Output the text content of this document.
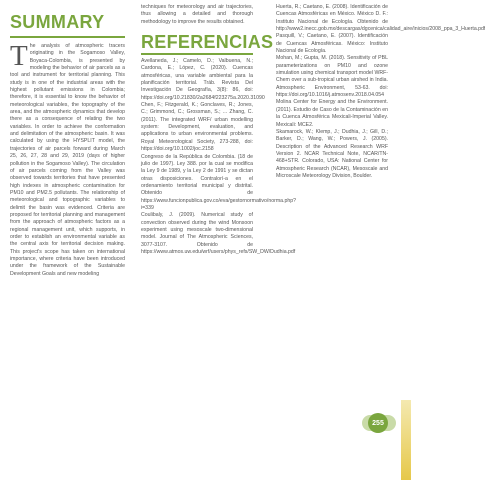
SUMMARY

The analysis of atmospheric tracers originating in the Sogamoso Valley, Boyaca-Colombia, is presented by modeling the behavior of air parcels as a tool and instrument for territorial planning. This study is in one of the industrial areas with the highest pollutant emissions in Colombia; therefore, it is essential to know the behavior of meteorological variables, the topography of the area, and the atmospheric dynamics that develop there as a consequence of relating the two variables. In order to achieve the conformation and delimitation of the atmospheric basin. It was calculated by using the HYSPLIT model, the trajectories of air parcels forward during March 25, 26, 27, 28 and 29, 2019 (days of higher pollution in the Sogamoso Valley). The circulation of air parcels coming from the Valley was observed towards territories that have presented high indexes in atmospheric contamination for PM10 and PM2.5 pollutants. The relationship of meteorological and topographic variables to delimit the basin was evidenced. Criteria are proposed for territorial planning and management from the approach of atmospheric factors as a regional management unit, which supports, in order to establish an environmental variable as the central axis for territorial decision making. This project's scope has taken on international importance, where criteria have been introduced under the framework of the Sustainable Development Goals and new modeling

techniques for meteorology and air trajectories, thus allowing a detailed and thorough methodology to improve the results obtained.

REFERENCIAS

Avellaneda, J.; Camelo, D.; Valbuena, N.; Cardona, E.; López, C. (2020). Cuencas atmosféricas, una variable ambiental para la planificación territorial. Tráb. Revista Del Investigación De Geografía, 3(8): 86, doi: https://doi.org/10.21830/2a2684f223275a.2020.31090

Chen, F.; Fitzgerald, K.; Gonclaves, R.; Jones, C.; Grimmond, C.; Grossman, S.; ... Zhang, C. (2011). The integrated WRF/ urban modelling system: Development, evaluation, and applications to urban environmental problems. Royal Meteorological Society, 273-288, doi: https://doi.org/10.1002/joc.2158

Congreso de la República de Colombia. (18 de julio de 1997). Ley 388. por la cual se modifica la Ley 9 de 1989, y la Ley 2 de 1991 y se dictan otras disposiciones. Contralorí-a en el ordenamiento territorial municipal y distrital. Obtenido de https://www.funcionpublica.gov.co/eva/gestornormativo/norma.php?i=339

Coulibaly, J. (2009). Numerical study of convection observed during the wind Monsoon experiment using mesoscale two-dimensional model. Journal of The Atmospheric Sciences, 3077-3107. Obtenido de https://www.atmos.uw.edu/wrf/users/phys_refs/SW_DW/Dudhia.pdf

Huerta, R.; Caetano, E. (2008). Identificación de Cuencas Atmosféricas en México. México D. F.: Instituto Nacional de Ecología. Obtenido de http://www2.inecc.gob.mx/descargas/dgcenica/calidad_aire/inicios/2008_ppa_3_Huerta.pdf

Pasquill, V.; Caetano, E. (2007). Identificación de Cuencas Atmosféricas. México: Instituto Nacional de Ecología.

Mohan, M.; Gupta, M. (2018). Sensitivity of PBL parameterizations on PM10 and ozone simulation using chemical transport model WRF-Chem over a sub-tropical urban airshed in India. Atmospheric Environment, 53-63. doi: https://doi.org/10.1016/j.atmosenv.2018.04.054

Molina Center for Energy and the Environment. (2011). Estudio de Caso de la Contaminación en la Cuenca Atmosférica Mexicali-Imperial Valley. Mexicali: MCE2.

Skamarock, W.; Klemp, J.; Dudhia, J.; Gill, D.; Barker, D.; Wang, W.; Powers, J. (2005). Description of the Advanced Research WRF Version 2. NCAR Technical Note, NCAR/TN-468+STR. Colorado, USA: National Center for Atmospheric Research (NCAR), Mesoscale and Microscale Meteorology Division, Boulder.

255
